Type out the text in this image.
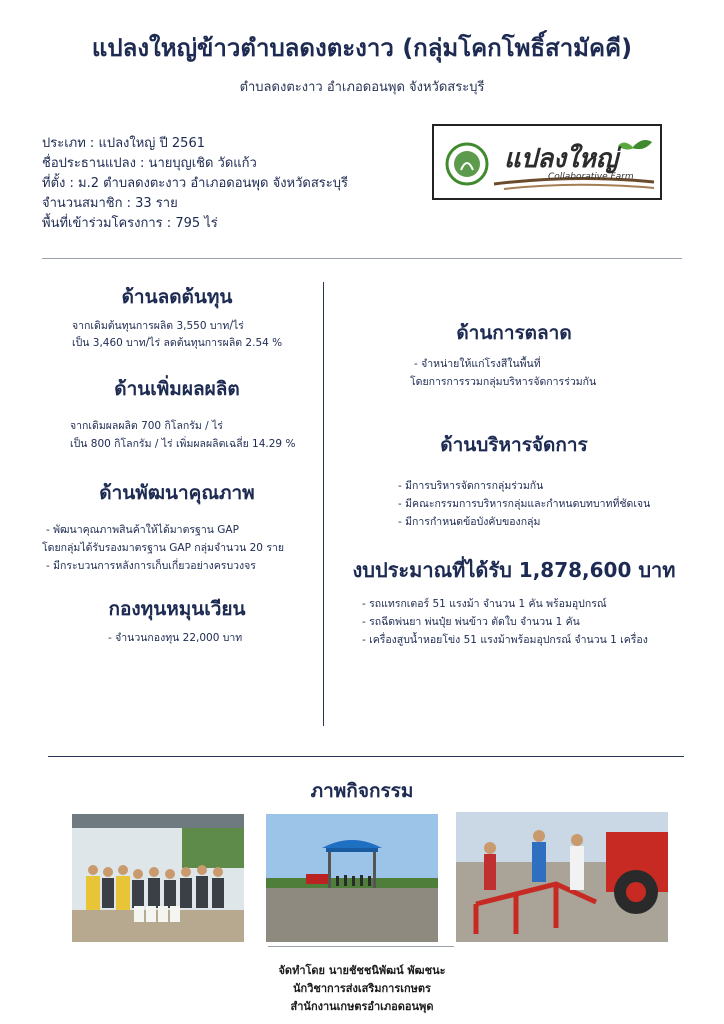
แปลงใหญ่ข้าวตำบลดงตะงาว (กลุ่มโคกโพธิ์สามัคคี)
ตำบลดงตะงาว อำเภอดอนพุด จังหวัดสระบุรี
ประเภท : แปลงใหญ่ ปี 2561
ชื่อประธานแปลง : นายบุญเชิด วัดแก้ว
ที่ตั้ง : ม.2 ตำบลดงตะงาว อำเภอดอนพุด จังหวัดสระบุรี
จำนวนสมาชิก : 33 ราย
พื้นที่เข้าร่วมโครงการ : 795 ไร่
แปลงใหญ่
Collaborative Farm
ด้านลดต้นทุน
จากเดิมต้นทุนการผลิต 3,550 บาท/ไร่
เป็น 3,460 บาท/ไร่ ลดต้นทุนการผลิต 2.54 %
ด้านเพิ่มผลผลิต
จากเดิมผลผลิต 700 กิโลกรัม / ไร่
เป็น 800 กิโลกรัม / ไร่ เพิ่มผลผลิตเฉลี่ย 14.29 %
ด้านพัฒนาคุณภาพ
- พัฒนาคุณภาพสินค้าให้ได้มาตรฐาน GAP
โดยกลุ่มได้รับรองมาตรฐาน GAP กลุ่มจำนวน 20 ราย
- มีกระบวนการหลังการเก็บเกี่ยวอย่างครบวงจร
กองทุนหมุนเวียน
- จำนวนกองทุน 22,000 บาท
ด้านการตลาด
- จำหน่ายให้แก่โรงสีในพื้นที่
โดยการการรวมกลุ่มบริหารจัดการร่วมกัน
ด้านบริหารจัดการ
- มีการบริหารจัดการกลุ่มร่วมกัน
- มีคณะกรรมการบริหารกลุ่มและกำหนดบทบาทที่ชัดเจน
- มีการกำหนดข้อบังคับของกลุ่ม
งบประมาณที่ได้รับ 1,878,600 บาท
- รถแทรกเตอร์ 51 แรงม้า จำนวน 1 คัน พร้อมอุปกรณ์
- รถฉีดพ่นยา พ่นปุ๋ย พ่นข้าว ตัดใบ จำนวน 1 คัน
- เครื่องสูบน้ำหอยโข่ง 51 แรงม้าพร้อมอุปกรณ์ จำนวน 1 เครื่อง
ภาพกิจกรรม
จัดทำโดย นายชัชชนิพัฒน์ พัฒชนะ
นักวิชาการส่งเสริมการเกษตร
สำนักงานเกษตรอำเภอดอนพุด
